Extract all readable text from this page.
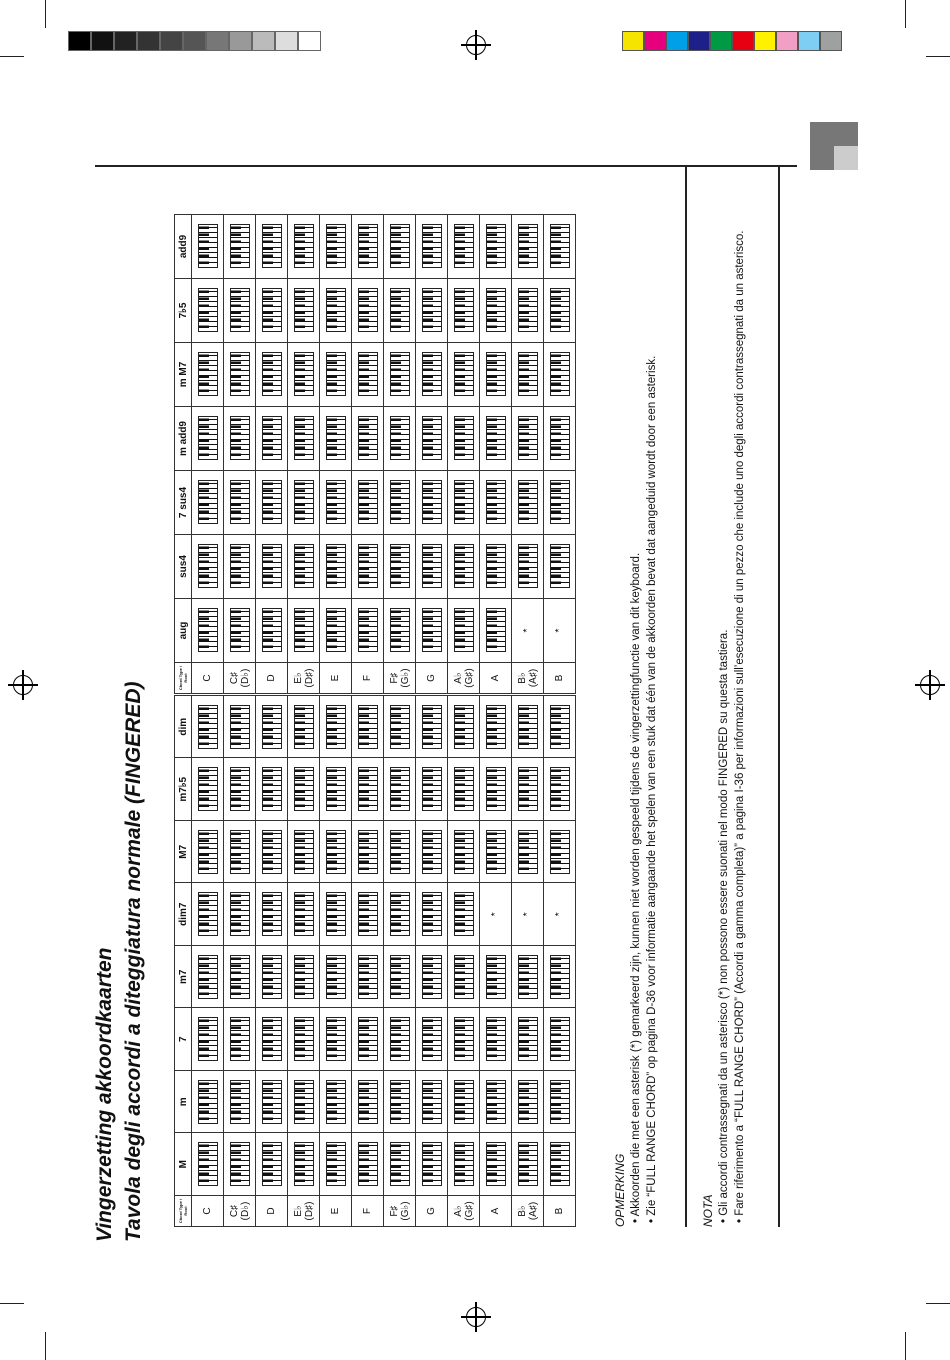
Vingerzetting akkoordkaarten Tavola degli accordi a diteggiatura normale (FINGERED)	Chord Type / Root	M	m	7	m7	dim7	M7	m7♭5	dim
C								
C♯ (D♭)								
D								
E♭ (D♯)								
E								
F								
F♯ (G♭)								
G								
A♭ (G♯)								
A					*			
B♭ (A♯)					*			
B					*			
Chord Type / Root	aug	sus4	7 sus4	m add9	m M7	7♭5	add9
C							
C♯ (D♭)							
D							
E♭ (D♯)							
E							
F							
F♯ (G♭)							
G							
A♭ (G♯)							
A							
B♭ (A♯)	*						
B	*						
OPMERKING • Akkoorden die met een asterisk (*) gemarkeerd zijn, kunnen niet worden gespeeld tijdens de vingerzettingfunctie van dit keyboard.
• Zie “FULL RANGE CHORD” op pagina D-36 voor informatie aangaande het spelen van een stuk dat één van de akkoorden bevat dat aangeduid wordt door een asterisk.	NOTA • Gli accordi contrassegnati da un asterisco (*) non possono essere suonati nel modo FINGERED su questa tastiera.
• Fare riferimento a “FULL RANGE CHORD” (Accordi a gamma completa)” a pagina I-36 per informazioni sull’esecuzione di un pezzo che include uno degli accordi contrassegnati da un asterisco.
